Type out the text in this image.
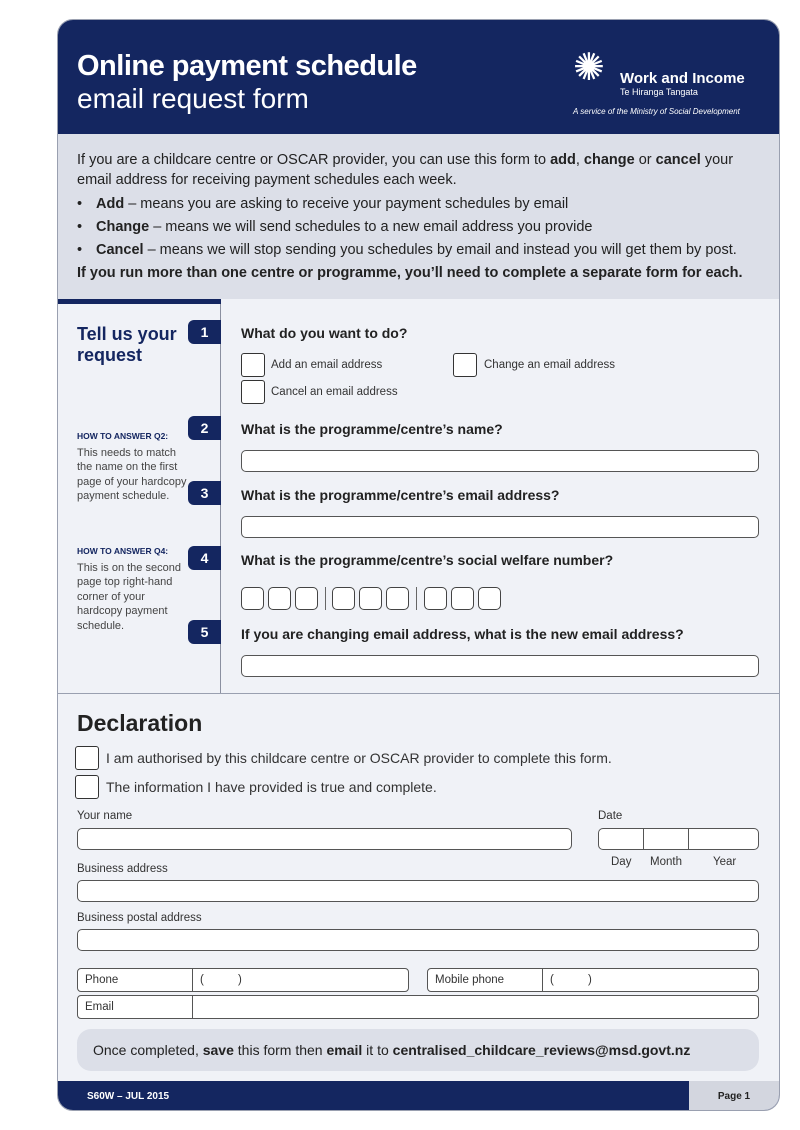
Online payment schedule
email request form
✺ Work and Income
Te Hiranga Tangata
A service of the Ministry of Social Development
If you are a childcare centre or OSCAR provider, you can use this form to add, change or cancel your email address for receiving payment schedules each week.
• Add – means you are asking to receive your payment schedules by email
• Change – means we will send schedules to a new email address you provide
• Cancel – means we will stop sending you schedules by email and instead you will get them by post.
If you run more than one centre or programme, you’ll need to complete a separate form for each.
Tell us your request
HOW TO ANSWER Q2:
This needs to match the name on the first page of your hardcopy payment schedule.
HOW TO ANSWER Q4:
This is on the second page top right-hand corner of your hardcopy payment schedule.
1	What do you want to do?
Add an email address	Change an email address
Cancel an email address
2	What is the programme/centre’s name?
3	What is the programme/centre’s email address?
4	What is the programme/centre’s social welfare number?
5	If you are changing email address, what is the new email address?
Declaration
I am authorised by this childcare centre or OSCAR provider to complete this form.
The information I have provided is true and complete.
Your name	Date
Day Month	Year
Business address
Business postal address
Phone	(	)	Mobile phone	(	)
Email
Once completed, save this form then email it to centralised_childcare_reviews@msd.govt.nz
S60W – JUL 2015	Page 1
